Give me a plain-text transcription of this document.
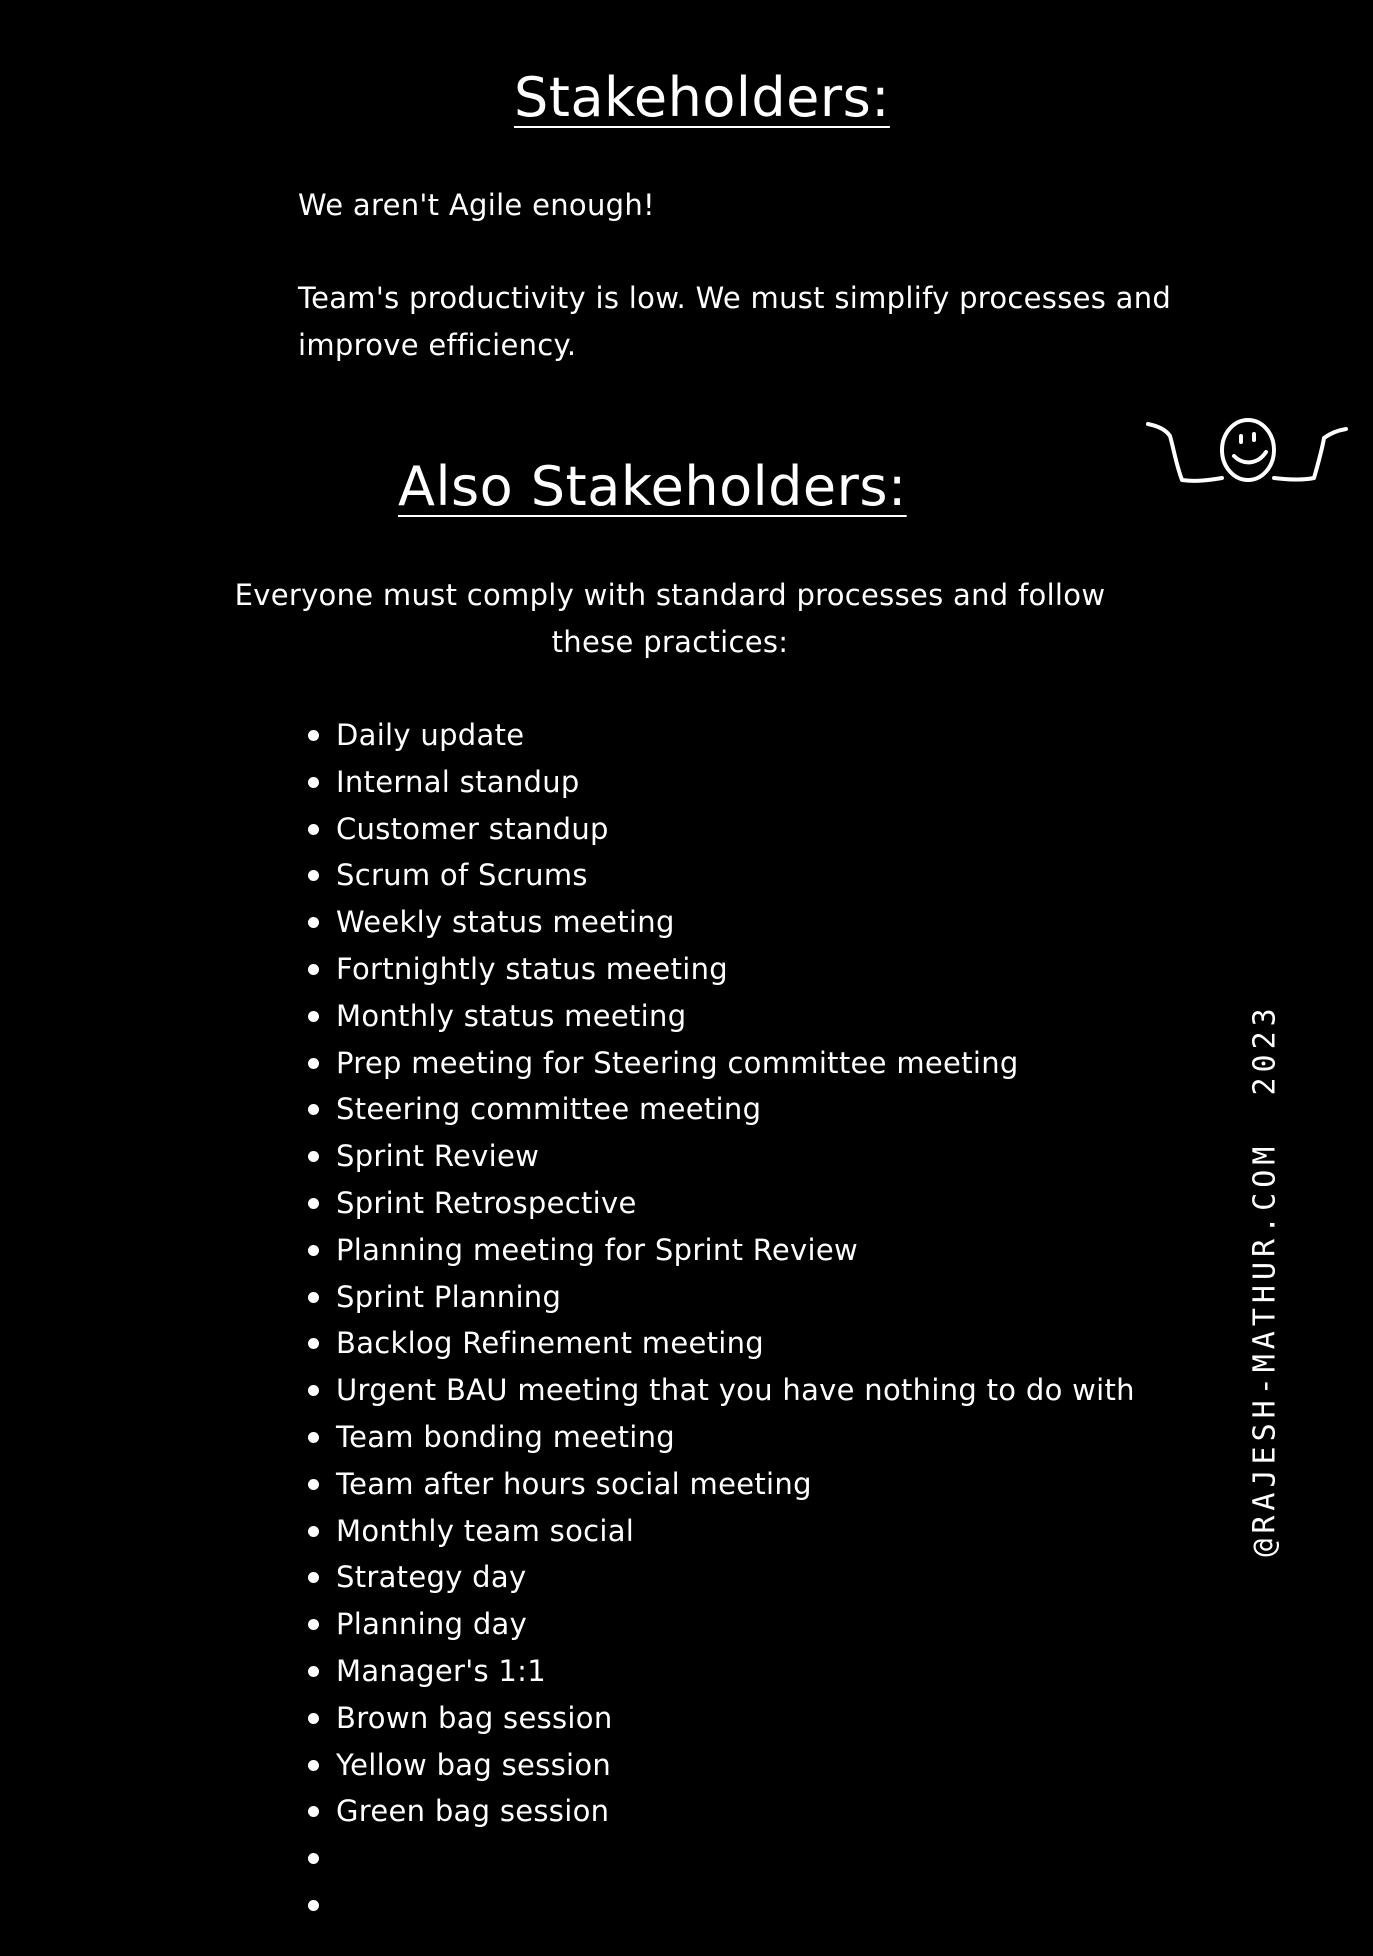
Stakeholders:

We aren't Agile enough!

Team's productivity is low. We must simplify processes and improve efficiency.

Also Stakeholders:

Everyone must comply with standard processes and follow these practices:

Daily update
Internal standup
Customer standup
Scrum of Scrums
Weekly status meeting
Fortnightly status meeting
Monthly status meeting
Prep meeting for Steering committee meeting
Steering committee meeting
Sprint Review
Sprint Retrospective
Planning meeting for Sprint Review
Sprint Planning
Backlog Refinement meeting
Urgent BAU meeting that you have nothing to do with
Team bonding meeting
Team after hours social meeting
Monthly team social
Strategy day
Planning day
Manager's 1:1
Brown bag session
Yellow bag session
Green bag session
@RAJESH-MATHUR.COM  2023
